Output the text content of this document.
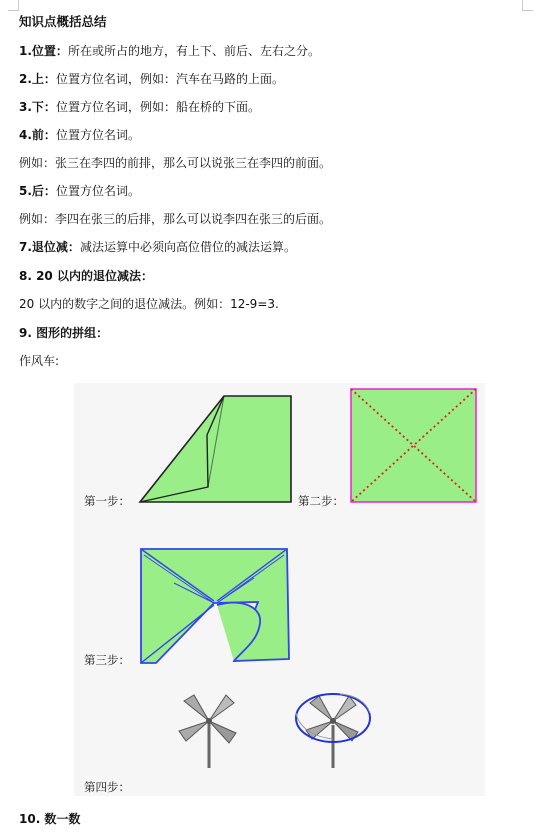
知识点概括总结
1.位置：所在或所占的地方，有上下、前后、左右之分。
2.上：位置方位名词，例如：汽车在马路的上面。
3.下：位置方位名词，例如：船在桥的下面。
4.前：位置方位名词。
例如：张三在李四的前排，那么可以说张三在李四的前面。
5.后：位置方位名词。
例如：李四在张三的后排，那么可以说李四在张三的后面。
7.退位减：减法运算中必须向高位借位的减法运算。
8. 20 以内的退位减法：
20 以内的数字之间的退位减法。例如：12-9=3.
9. 图形的拼组：
作风车:
第一步：	第二步：
第三步：
第四步：
10. 数一数
